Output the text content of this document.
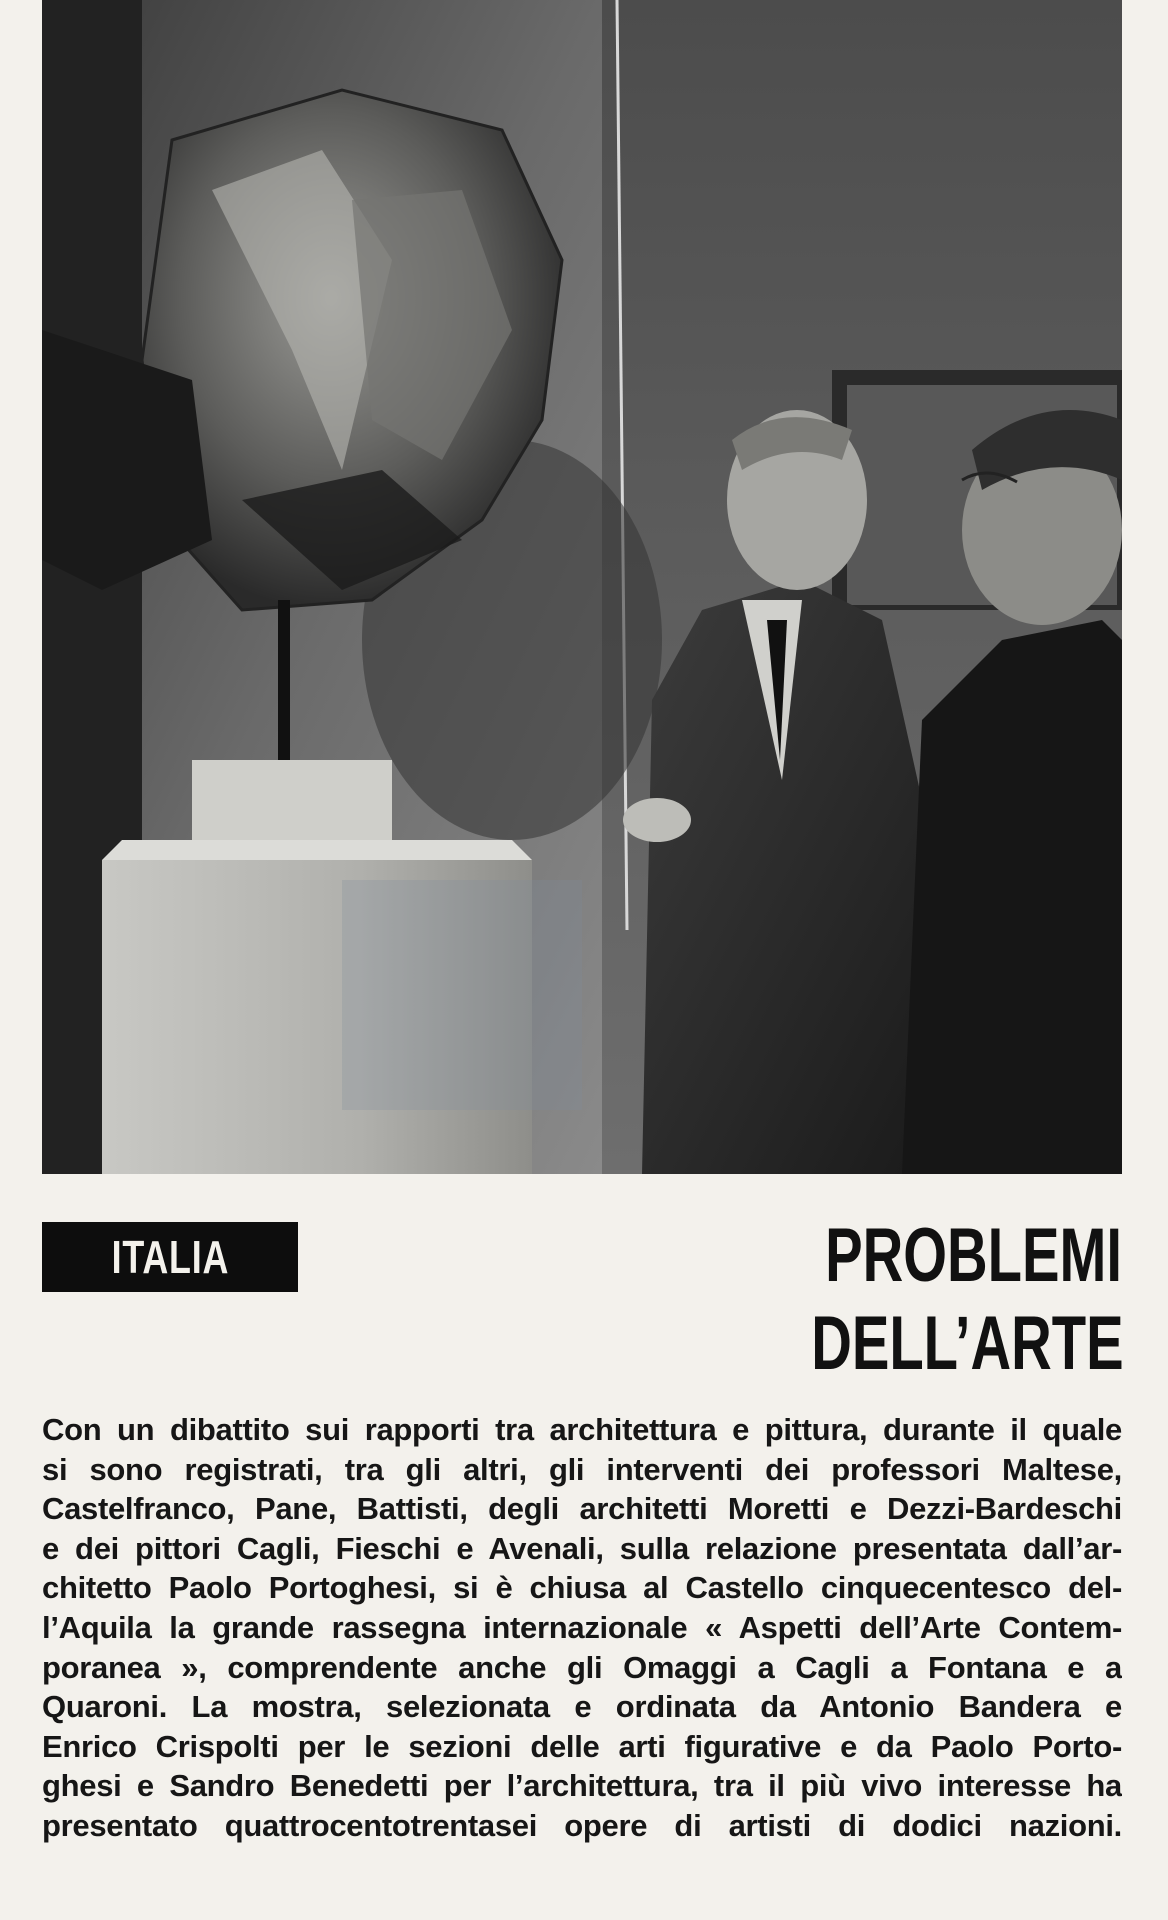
ITALIA	PROBLEMI
DELL’ARTE
Con un dibattito sui rapporti tra architettura e pittura, durante il quale
si sono registrati, tra gli altri, gli interventi dei professori Maltese,
Castelfranco, Pane, Battisti, degli architetti Moretti e Dezzi-Bardeschi
e dei pittori Cagli, Fieschi e Avenali, sulla relazione presentata dall’ar-
chitetto Paolo Portoghesi, si è chiusa al Castello cinquecentesco del-
l’Aquila la grande rassegna internazionale « Aspetti dell’Arte Contem-
poranea », comprendente anche gli Omaggi a Cagli a Fontana e a
Quaroni. La mostra, selezionata e ordinata da Antonio Bandera e
Enrico Crispolti per le sezioni delle arti figurative e da Paolo Porto-
ghesi e Sandro Benedetti per l’architettura, tra il più vivo interesse ha
presentato quattrocentotrentasei opere di artisti di dodici nazioni.
